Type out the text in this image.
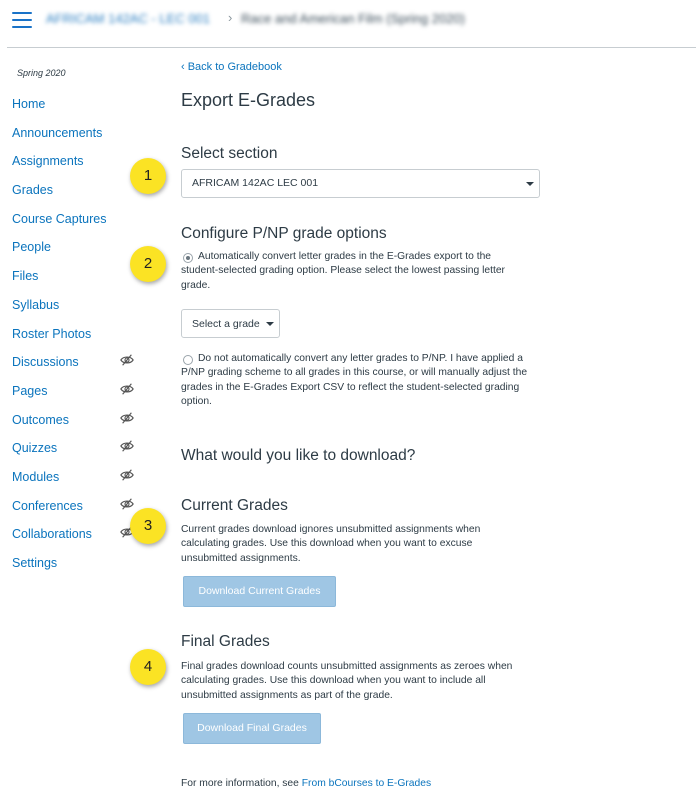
AFRICAM 142AC - LEC 001 › Race and American Film (Spring 2020)
Spring 2020
Home
Announcements
Assignments
Grades
Course Captures
People
Files
Syllabus
Roster Photos
Discussions
Pages
Outcomes
Quizzes
Modules
Conferences
Collaborations
Settings
‹ Back to Gradebook
Export E-Grades
Select section
AFRICAM 142AC LEC 001
Configure P/NP grade options
Automatically convert letter grades in the E-Grades export to the student-selected grading option. Please select the lowest passing letter grade.
Select a grade
Do not automatically convert any letter grades to P/NP. I have applied a P/NP grading scheme to all grades in this course, or will manually adjust the grades in the E-Grades Export CSV to reflect the student-selected grading option.
What would you like to download?
Current Grades
Current grades download ignores unsubmitted assignments when calculating grades. Use this download when you want to excuse unsubmitted assignments.
Download Current Grades
Final Grades
Final grades download counts unsubmitted assignments as zeroes when calculating grades. Use this download when you want to include all unsubmitted assignments as part of the grade.
Download Final Grades
For more information, see From bCourses to E-Grades
1
2
3
4
